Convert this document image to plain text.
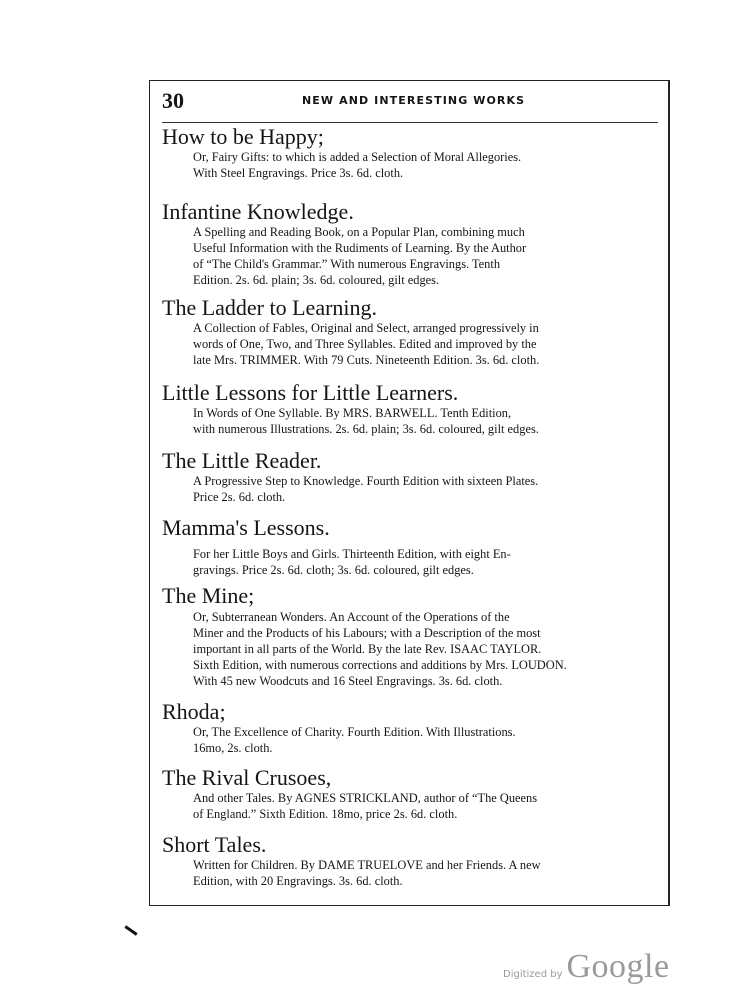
30	NEW AND INTERESTING WORKS
How to be Happy;
Or, Fairy Gifts: to which is added a Selection of Moral Allegories.
With Steel Engravings. Price 3s. 6d. cloth.
Infantine Knowledge.
A Spelling and Reading Book, on a Popular Plan, combining much
Useful Information with the Rudiments of Learning. By the Author
of “The Child's Grammar.” With numerous Engravings. Tenth
Edition. 2s. 6d. plain; 3s. 6d. coloured, gilt edges.
The Ladder to Learning.
A Collection of Fables, Original and Select, arranged progressively in
words of One, Two, and Three Syllables. Edited and improved by the
late Mrs. TRIMMER. With 79 Cuts. Nineteenth Edition. 3s. 6d. cloth.
Little Lessons for Little Learners.
In Words of One Syllable. By MRS. BARWELL. Tenth Edition,
with numerous Illustrations. 2s. 6d. plain; 3s. 6d. coloured, gilt edges.
The Little Reader.
A Progressive Step to Knowledge. Fourth Edition with sixteen Plates.
Price 2s. 6d. cloth.
Mamma's Lessons.
For her Little Boys and Girls. Thirteenth Edition, with eight En-
gravings. Price 2s. 6d. cloth; 3s. 6d. coloured, gilt edges.
The Mine;
Or, Subterranean Wonders. An Account of the Operations of the
Miner and the Products of his Labours; with a Description of the most
important in all parts of the World. By the late Rev. ISAAC TAYLOR.
Sixth Edition, with numerous corrections and additions by Mrs. LOUDON.
With 45 new Woodcuts and 16 Steel Engravings. 3s. 6d. cloth.
Rhoda;
Or, The Excellence of Charity. Fourth Edition. With Illustrations.
16mo, 2s. cloth.
The Rival Crusoes,
And other Tales. By AGNES STRICKLAND, author of “The Queens
of England.” Sixth Edition. 18mo, price 2s. 6d. cloth.
Short Tales.
Written for Children. By DAME TRUELOVE and her Friends. A new
Edition, with 20 Engravings. 3s. 6d. cloth.
Digitized by Google
